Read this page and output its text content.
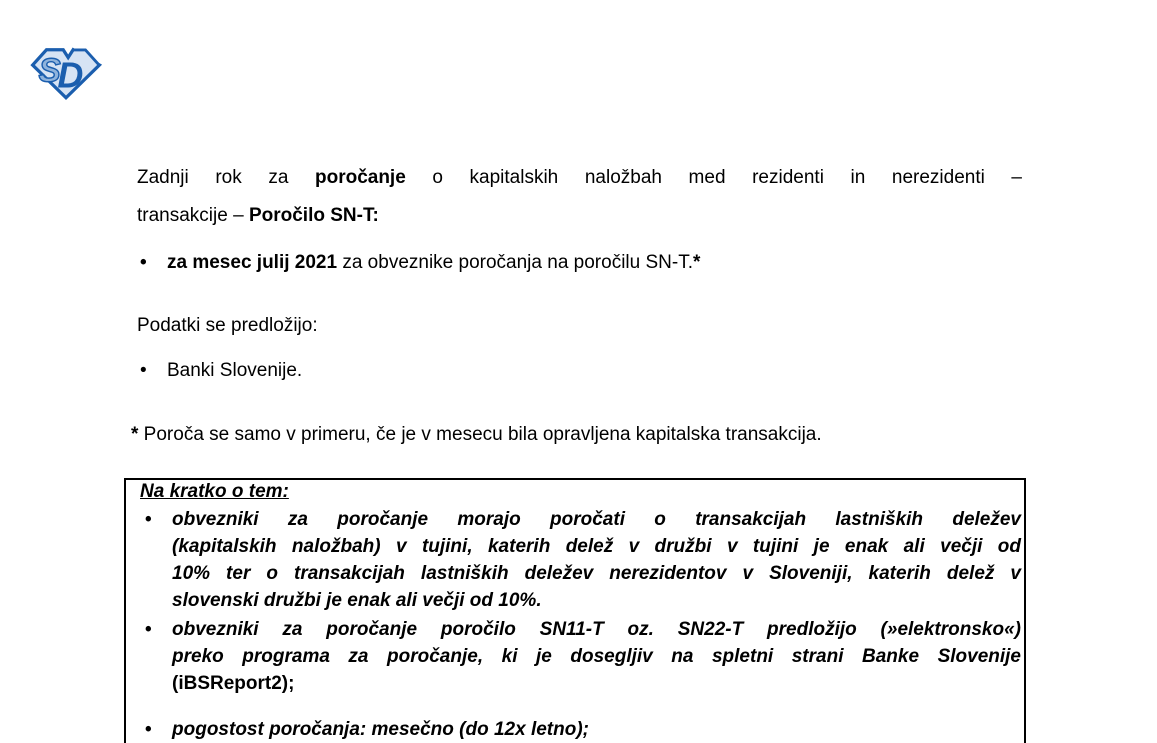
S
D
Zadnji rok za poročanje o kapitalskih naložbah med rezidenti in nerezidenti –
transakcije – Poročilo SN-T:
•	za mesec julij 2021 za obveznike poročanja na poročilu SN-T.*
Podatki se predložijo:
•	Banki Slovenije.
* Poroča se samo v primeru, če je v mesecu bila opravljena kapitalska transakcija.
Na kratko o tem:
•	obvezniki za poročanje morajo poročati o transakcijah lastniških deležev
(kapitalskih naložbah) v tujini, katerih delež v družbi v tujini je enak ali večji od
10% ter o transakcijah lastniških deležev nerezidentov v Sloveniji, katerih delež v
slovenski družbi je enak ali večji od 10%.
•	obvezniki za poročanje poročilo SN11-T oz. SN22-T predložijo (»elektronsko«)
preko programa za poročanje, ki je dosegljiv na spletni strani Banke Slovenije
(iBSReport2);
•	pogostost poročanja: mesečno (do 12x letno);
